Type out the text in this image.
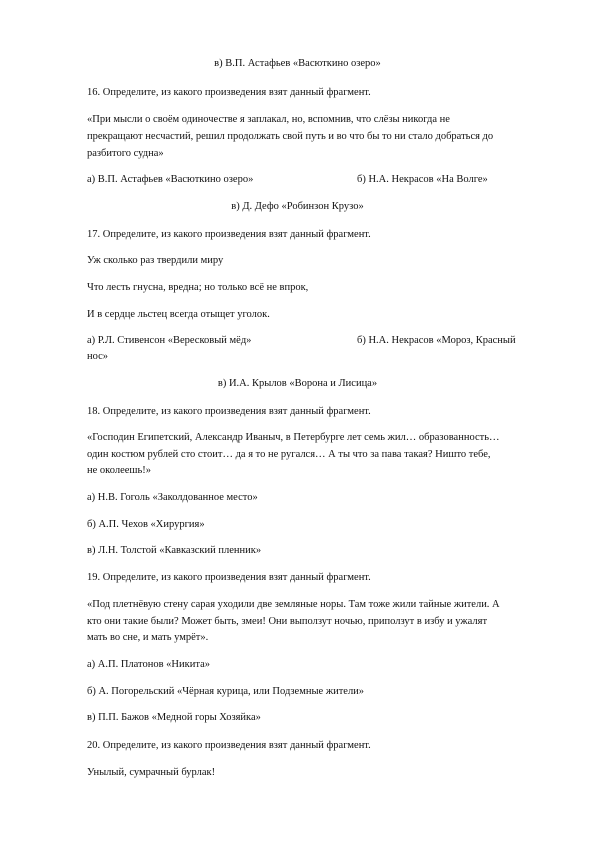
в) В.П. Астафьев «Васюткино озеро»
16. Определите, из какого произведения взят данный фрагмент.
«При мысли о своём одиночестве я заплакал, но, вспомнив, что слёзы никогда не
прекращают несчастий, решил продолжать свой путь и во что бы то ни стало добраться до
разбитого судна»
а) В.П. Астафьев «Васюткино озеро»	б) Н.А. Некрасов «На Волге»
в) Д. Дефо «Робинзон Крузо»
17. Определите, из какого произведения взят данный фрагмент.
Уж сколько раз твердили миру
Что лесть гнусна, вредна; но только всё не впрок,
И в сердце льстец всегда отыщет уголок.
а) Р.Л. Стивенсон «Вересковый мёд»	б) Н.А. Некрасов «Мороз, Красный
нос»
в) И.А. Крылов «Ворона и Лисица»
18. Определите, из какого произведения взят данный фрагмент.
«Господин Египетский, Александр Иваныч, в Петербурге лет семь жил… образованность…
один костюм рублей сто стоит… да я то не ругался… А ты что за пава такая? Ништо тебе,
не околеешь!»
а) Н.В. Гоголь «Заколдованное место»
б) А.П. Чехов «Хирургия»
в) Л.Н. Толстой «Кавказский пленник»
19. Определите, из какого произведения взят данный фрагмент.
«Под плетнёвую стену сарая уходили две земляные норы. Там тоже жили тайные жители. А
кто они такие были? Может быть, змеи! Они выползут ночью, приползут в избу и ужалят
мать во сне, и мать умрёт».
а) А.П. Платонов «Никита»
б) А. Погорельский «Чёрная курица, или Подземные жители»
в) П.П. Бажов «Медной горы Хозяйка»
20. Определите, из какого произведения взят данный фрагмент.
Унылый, сумрачный бурлак!
